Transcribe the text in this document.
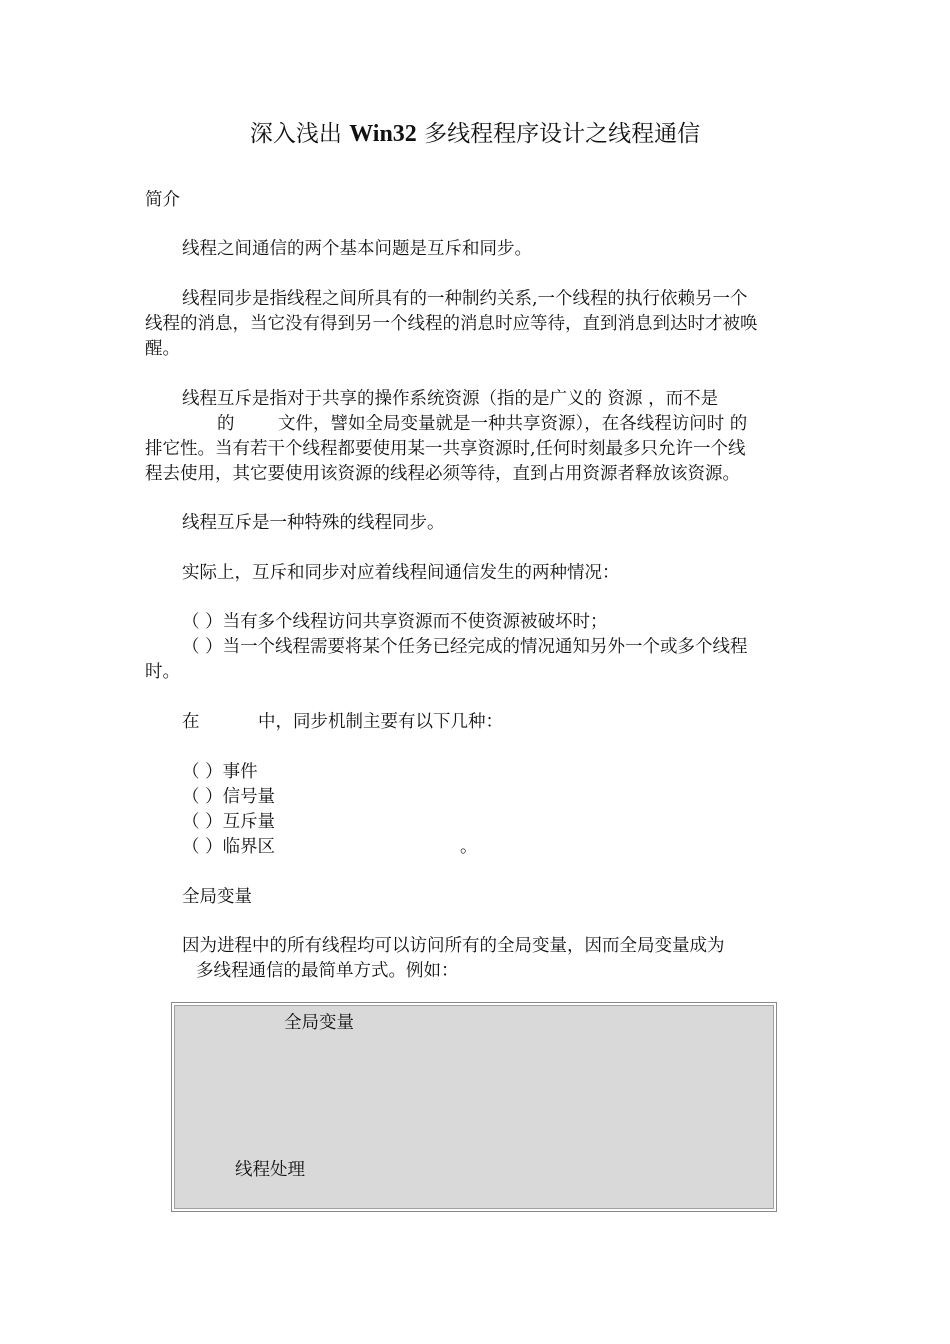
深入浅出 Win32 多线程程序设计之线程通信
简介
线程之间通信的两个基本问题是互斥和同步。
线程同步是指线程之间所具有的一种制约关系,一个线程的执行依赖另一个
线程的消息，当它没有得到另一个线程的消息时应等待，直到消息到达时才被唤
醒。
线程互斥是指对于共享的操作系统资源（指的是广义的 资源 ，而不是
的 文件，譬如全局变量就是一种共享资源），在各线程访问时 的
排它性。当有若干个线程都要使用某一共享资源时,任何时刻最多只允许一个线
程去使用，其它要使用该资源的线程必须等待，直到占用资源者释放该资源。
线程互斥是一种特殊的线程同步。
实际上，互斥和同步对应着线程间通信发生的两种情况：
（ ）当有多个线程访问共享资源而不使资源被破坏时；
（ ）当一个线程需要将某个任务已经完成的情况通知另外一个或多个线程
时。
在	中，同步机制主要有以下几种：
（ ）事件
（ ）信号量
（ ）互斥量
（ ）临界区	。
全局变量
因为进程中的所有线程均可以访问所有的全局变量，因而全局变量成为
多线程通信的最简单方式。例如：
全局变量
线程处理
